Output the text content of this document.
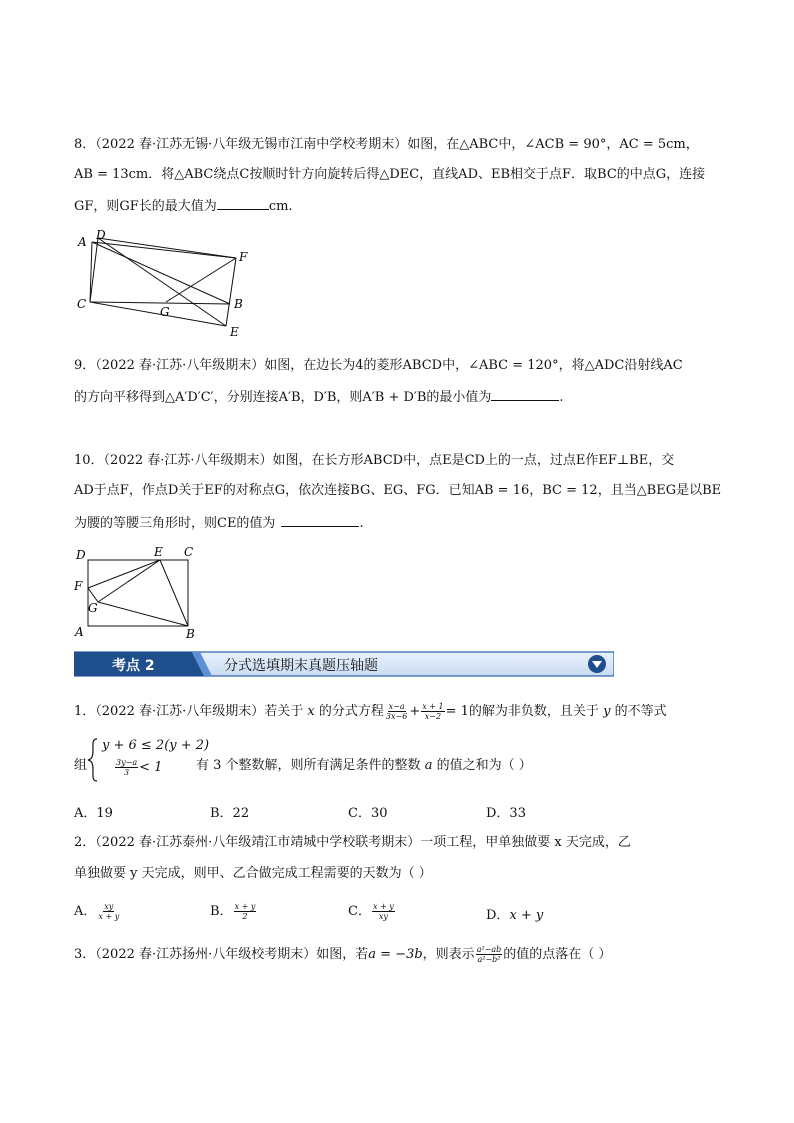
8．（2022 春·江苏无锡·八年级无锡市江南中学校考期末）如图，在△ABC中，∠ACB = 90°，AC = 5cm，
AB = 13cm．将△ABC绕点C按顺时针方向旋转后得△DEC，直线AD、EB相交于点F．取BC的中点G，连接
GF，则GF长的最大值为	cm.
A D
F
C
G
B
E
9．（2022 春·江苏·八年级期末）如图，在边长为4的菱形ABCD中，∠ABC = 120°，将△ADC沿射线AC
的方向平移得到△A′D′C′，分别连接A′B，D′B，则A′B + D′B的最小值为	.
10．（2022 春·江苏·八年级期末）如图，在长方形ABCD中，点E是CD上的一点，过点E作EF⊥BE，交
AD于点F，作点D关于EF的对称点G，依次连接BG、EG、FG．已知AB = 16，BC = 12，且当△BEG是以BE
为腰的等腰三角形时，则CE的值为	.
D	E C
F
G
A	B
考点 2	分式选填期末真题压轴题
1．（2022 春·江苏·八年级期末）若关于 x 的分式方程 $\frac{x-a}{3x-6} + \frac{x + 1}{x-2} = 1$的解为非负数，且关于 y 的不等式
组
y + 6 ≤ 2(y + 2)
$\frac{3y-a}{3} < 1$	有 3 个整数解，则所有满足条件的整数 a 的值之和为（ ）
A．19	B．22	C．30	D．33
2．（2022 春·江苏泰州·八年级靖江市靖城中学校联考期末）一项工程，甲单独做要 x 天完成，乙
单独做要 y 天完成，则甲、乙合做完成工程需要的天数为（ ）
A． $\frac{xy}{x + y}$	B． $\frac{x + y}{2}$	C． $\frac{x + y}{xy}$	D．x + y
3．（2022 春·江苏扬州·八年级校考期末）如图，若a = −3b，则表示 $\frac{\text{a²−ab}}{\text{a²−b²}}$ 的值的点落在（ ）
